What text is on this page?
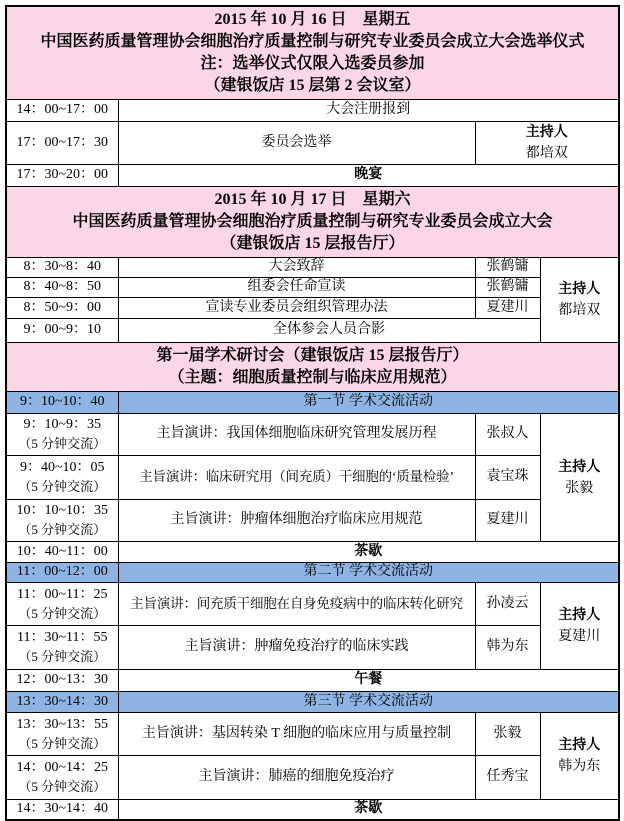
2015 年 10 月 16 日　星期五
中国医药质量管理协会细胞治疗质量控制与研究专业委员会成立大会选举仪式
注：选举仪式仅限入选委员参加
（建银饭店 15 层第 2 会议室）			

14：00~17：00	大会注册报到		
17：00~17：30	委员会选举	主持人
都培双	

17：30~20：00	晚宴		

2015 年 10 月 17 日　星期六
中国医药质量管理协会细胞治疗质量控制与研究专业委员会成立大会
（建银饭店 15 层报告厅）			

8：30~8：40	大会致辞	张鹤镛	主持人
都培双

8：40~8：50	组委会任命宣读	张鹤镛	
8：50~9：00	宣读专业委员会组织管理办法	夏建川	
9：00~9：10	全体参会人员合影		

第一届学术研讨会（建银饭店 15 层报告厅）
（主题：细胞质量控制与临床应用规范）			

9：10~10：40	第一节 学术交流活动		

9：10~9：35
（5 分钟交流）
	主旨演讲：我国体细胞临床研究管理发展历程	张叔人	
主持人
张毅

9：40~10：05
（5 分钟交流）	主旨演讲：临床研究用（间充质）干细胞的‘质量检验’	袁宝珠	

10：10~10：35
（5 分钟交流）	主旨演讲：肿瘤体细胞治疗临床应用规范	夏建川	
10：40~11：00	茶歇		
11：00~12：00	第二节 学术交流活动		

11：00~11：25
（5 分钟交流）
	主旨演讲：间充质干细胞在自身免疫病中的临床转化研究	孙凌云	
主持人
夏建川

11：30~11：55
（5 分钟交流）	主旨演讲：肿瘤免疫治疗的临床实践	韩为东	
12：00~13：30	午餐		
13：30~14：30	第三节 学术交流活动		

13：30~13：55
（5 分钟交流）
	主旨演讲：基因转染 T 细胞的临床应用与质量控制	张毅	
主持人
韩为东

14：00~14：25
（5 分钟交流）	主旨演讲：肺癌的细胞免疫治疗	任秀宝	
14：30~14：40	茶歇		
